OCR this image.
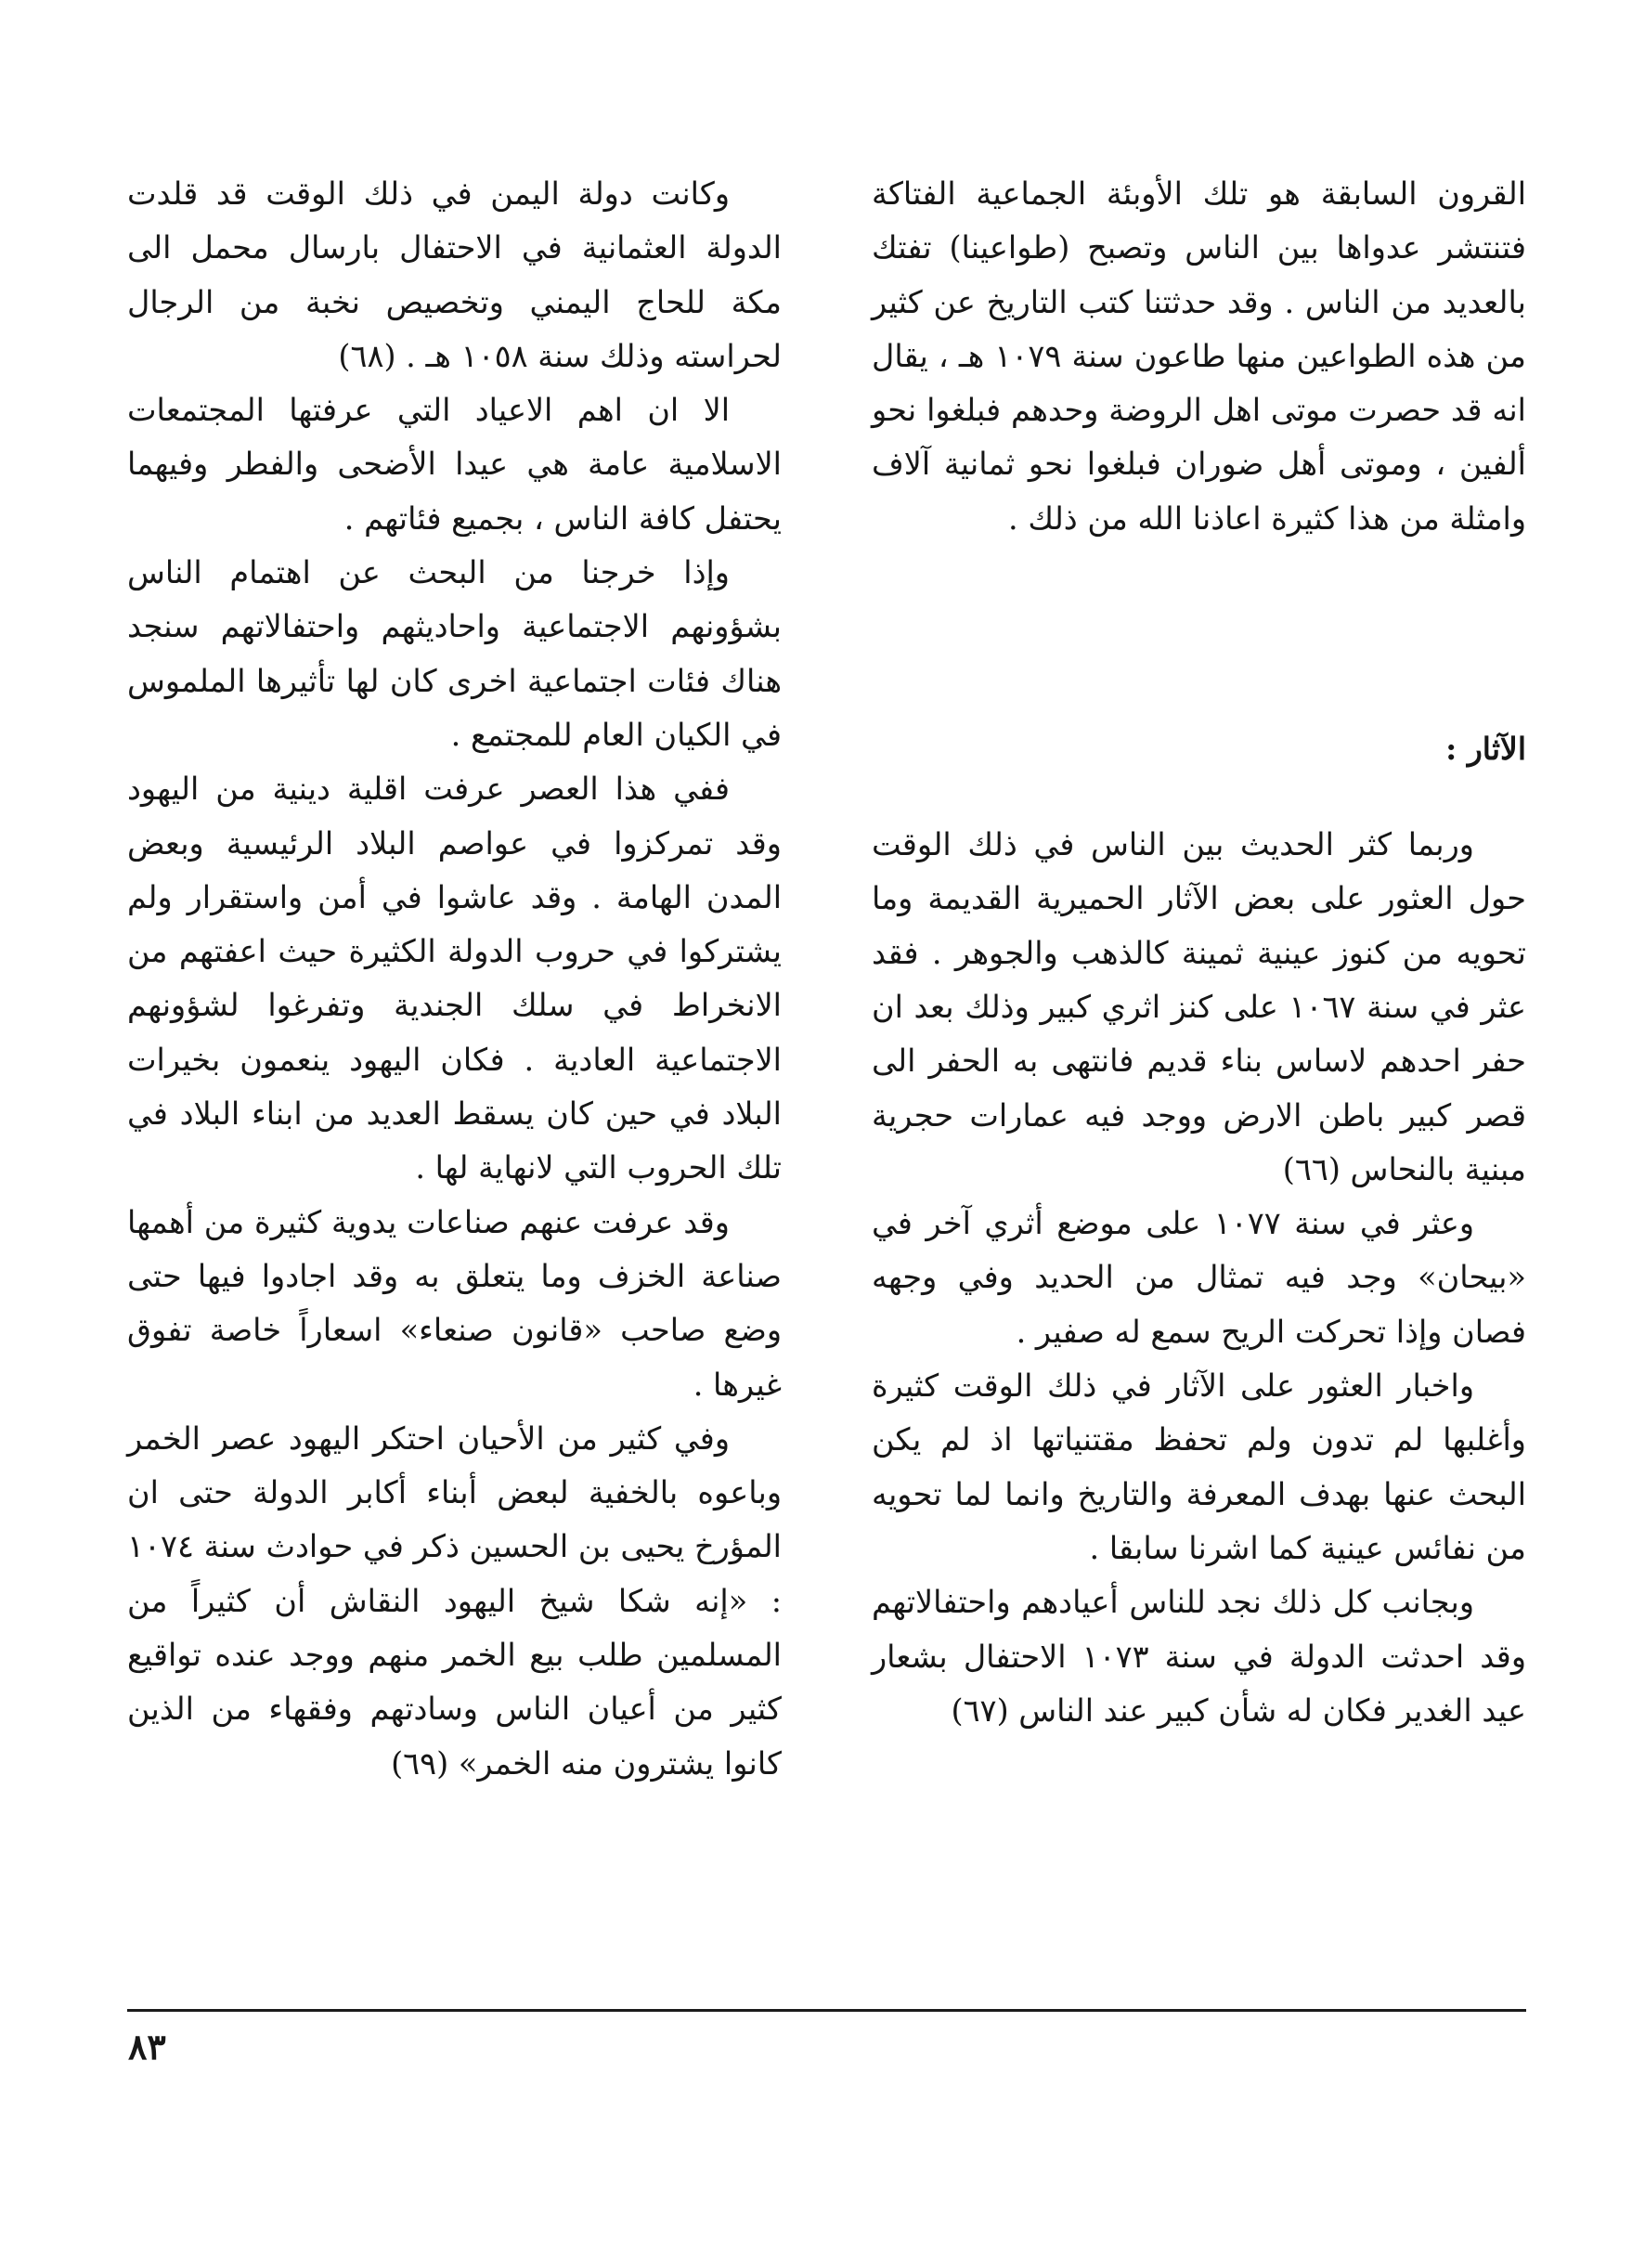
القرون السابقة هو تلك الأوبئة الجماعية الفتاكة فتنتشر عدواها بين الناس وتصبح (طواعينا) تفتك بالعديد من الناس . وقد حدثتنا كتب التاريخ عن كثير من هذه الطواعين منها طاعون سنة ١٠٧٩ هـ ، يقال انه قد حصرت موتى اهل الروضة وحدهم فبلغوا نحو ألفين ، وموتى أهل ضوران فبلغوا نحو ثمانية آلاف وامثلة من هذا كثيرة اعاذنا الله من ذلك .

الآثار :

وربما كثر الحديث بين الناس في ذلك الوقت حول العثور على بعض الآثار الحميرية القديمة وما تحويه من كنوز عينية ثمينة كالذهب والجوهر . فقد عثر في سنة ١٠٦٧ على كنز اثري كبير وذلك بعد ان حفر احدهم لاساس بناء قديم فانتهى به الحفر الى قصر كبير باطن الارض ووجد فيه عمارات حجرية مبنية بالنحاس (٦٦)

وعثر في سنة ١٠٧٧ على موضع أثري آخر في «بيحان» وجد فيه تمثال من الحديد وفي وجهه فصان وإذا تحركت الريح سمع له صفير .

واخبار العثور على الآثار في ذلك الوقت كثيرة وأغلبها لم تدون ولم تحفظ مقتنياتها اذ لم يكن البحث عنها بهدف المعرفة والتاريخ وانما لما تحويه من نفائس عينية كما اشرنا سابقا .

وبجانب كل ذلك نجد للناس أعيادهم واحتفالاتهم وقد احدثت الدولة في سنة ١٠٧٣ الاحتفال بشعار عيد الغدير فكان له شأن كبير عند الناس (٦٧)

وكانت دولة اليمن في ذلك الوقت قد قلدت الدولة العثمانية في الاحتفال بارسال محمل الى مكة للحاج اليمني وتخصيص نخبة من الرجال لحراسته وذلك سنة ١٠٥٨ هـ . (٦٨)

الا ان اهم الاعياد التي عرفتها المجتمعات الاسلامية عامة هي عيدا الأضحى والفطر وفيهما يحتفل كافة الناس ، بجميع فئاتهم .

وإذا خرجنا من البحث عن اهتمام الناس بشؤونهم الاجتماعية واحاديثهم واحتفالاتهم سنجد هناك فئات اجتماعية اخرى كان لها تأثيرها الملموس في الكيان العام للمجتمع .

ففي هذا العصر عرفت اقلية دينية من اليهود وقد تمركزوا في عواصم البلاد الرئيسية وبعض المدن الهامة . وقد عاشوا في أمن واستقرار ولم يشتركوا في حروب الدولة الكثيرة حيث اعفتهم من الانخراط في سلك الجندية وتفرغوا لشؤونهم الاجتماعية العادية . فكان اليهود ينعمون بخيرات البلاد في حين كان يسقط العديد من ابناء البلاد في تلك الحروب التي لانهاية لها .

وقد عرفت عنهم صناعات يدوية كثيرة من أهمها صناعة الخزف وما يتعلق به وقد اجادوا فيها حتى وضع صاحب «قانون صنعاء» اسعاراً خاصة تفوق غيرها .

وفي كثير من الأحيان احتكر اليهود عصر الخمر وباعوه بالخفية لبعض أبناء أكابر الدولة حتى ان المؤرخ يحيى بن الحسين ذكر في حوادث سنة ١٠٧٤ : «إنه شكا شيخ اليهود النقاش أن كثيراً من المسلمين طلب بيع الخمر منهم ووجد عنده تواقيع كثير من أعيان الناس وسادتهم وفقهاء من الذين كانوا يشترون منه الخمر» (٦٩)

٨٣
